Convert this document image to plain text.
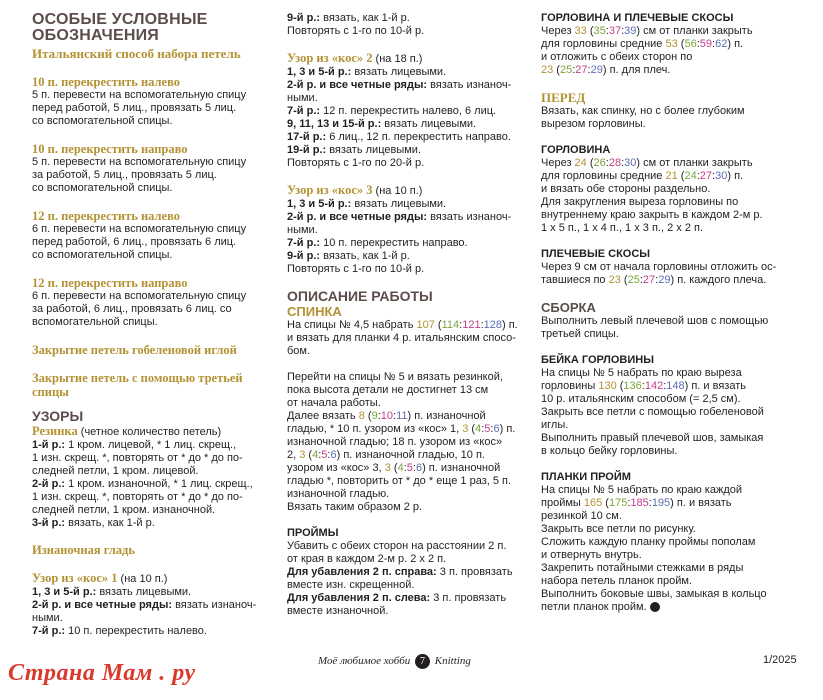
ОСОБЫЕ УСЛОВНЫЕ ОБОЗНАЧЕНИЯ

Итальянский способ набора петель

10 п. перекрестить налево

5 п. перевести на вспомогательную спицу

перед работой, 5 лиц., провязать 5 лиц.

со вспомогательной спицы.

10 п. перекрестить направо

5 п. перевести на вспомогательную спицу

за работой, 5 лиц., провязать 5 лиц.

со вспомогательной спицы.

12 п. перекрестить налево

6 п. перевести на вспомогательную спицу

перед работой, 6 лиц., провязать 6 лиц.

со вспомогательной спицы.

12 п. перекрестить направо

6 п. перевести на вспомогательную спицу

за работой, 6 лиц., провязать 6 лиц. со

вспомогательной спицы.

Закрытие петель гобеленовой иглой

Закрытие петель с помощью третьей
спицы

УЗОРЫ

Резинка (четное количество петель)

1-й р.: 1 кром. лицевой, * 1 лиц. скрещ.,

1 изн. скрещ. *, повторять от * до * до по-

следней петли, 1 кром. лицевой.

2-й р.: 1 кром. изнаночной, * 1 лиц. скрещ.,

1 изн. скрещ. *, повторять от * до * до по-

следней петли, 1 кром. изнаночной.

3-й р.: вязать, как 1-й р.

Изнаночная гладь

Узор из «кос» 1 (на 10 п.)

1, 3 и 5-й р.: вязать лицевыми.

2-й р. и все четные ряды: вязать изнаноч-

ными.

7-й р.: 10 п. перекрестить налево.

9-й р.: вязать, как 1-й р.

Повторять с 1-го по 10-й р.

Узор из «кос» 2 (на 18 п.)

1, 3 и 5-й р.: вязать лицевыми.

2-й р. и все четные ряды: вязать изнаноч-

ными.

7-й р.: 12 п. перекрестить налево, 6 лиц.

9, 11, 13 и 15-й р.: вязать лицевыми.

17-й р.: 6 лиц., 12 п. перекрестить направо.

19-й р.: вязать лицевыми.

Повторять с 1-го по 20-й р.

Узор из «кос» 3 (на 10 п.)

1, 3 и 5-й р.: вязать лицевыми.

2-й р. и все четные ряды: вязать изнаноч-

ными.

7-й р.: 10 п. перекрестить направо.

9-й р.: вязать, как 1-й р.

Повторять с 1-го по 10-й р.

ОПИСАНИЕ РАБОТЫ

СПИНКА

На спицы № 4,5 набрать 107 (114:121:128) п.
и вязать для планки 4 р. итальянским спосо-
бом.

Перейти на спицы № 5 и вязать резинкой,

пока высота детали не достигнет 13 см

от начала работы.

Далее вязать 8 (9:10:11) п. изнаночной

гладью, * 10 п. узором из «кос» 1, 3 (4:5:6) п.

изнаночной гладью; 18 п. узором из «кос»

2, 3 (4:5:6) п. изнаночной гладью, 10 п.

узором из «кос» 3, 3 (4:5:6) п. изнаночной

гладью *, повторить от * до * еще 1 раз, 5 п.

изнаночной гладью.

Вязать таким образом 2 р.

ПРОЙМЫ

Убавить с обеих сторон на расстоянии 2 п.

от края в каждом 2-м р. 2 х 2 п.

Для убавления 2 п. справа: 3 п. провязать
вместе изн. скрещенной.

Для убавления 2 п. слева: 3 п. провязать
вместе изнаночной.

ГОРЛОВИНА И ПЛЕЧЕВЫЕ СКОСЫ

Через 33 (35:37:39) см от планки закрыть
для горловины средние 53 (56:59:62) п.
и отложить с обеих сторон по
23 (25:27:29) п. для плеч.

ПЕРЕД

Вязать, как спинку, но с более глубоким

вырезом горловины.

ГОРЛОВИНА

Через 24 (26:28:30) см от планки закрыть
для горловины средние 21 (24:27:30) п.
и вязать обе стороны раздельно.
Для закругления выреза горловины по
внутреннему краю закрыть в каждом 2-м р.
1 х 5 п., 1 х 4 п., 1 х 3 п., 2 х 2 п.

ПЛЕЧЕВЫЕ СКОСЫ

Через 9 см от начала горловины отложить ос-
тавшиеся по 23 (25:27:29) п. каждого плеча.

СБОРКА

Выполнить левый плечевой шов с помощью

третьей спицы.

БЕЙКА ГОРЛОВИНЫ

На спицы № 5 набрать по краю выреза
горловины 130 (136:142:148) п. и вязать
10 р. итальянским способом (= 2,5 см).
Закрыть все петли с помощью гобеленовой
иглы.
Выполнить правый плечевой шов, замыкая
в кольцо бейку горловины.

ПЛАНКИ ПРОЙМ

На спицы № 5 набрать по краю каждой
проймы 165 (175:185:195) п. и вязать
резинкой 10 см.
Закрыть все петли по рисунку.
Сложить каждую планку проймы пополам
и отвернуть внутрь.
Закрепить потайными стежками в ряды
набора петель планок пройм.
Выполнить боковые швы, замыкая в кольцо
петли планок пройм.

Моё любимое хобби 7 Knitting	1/2025
Страна Мам . ру
